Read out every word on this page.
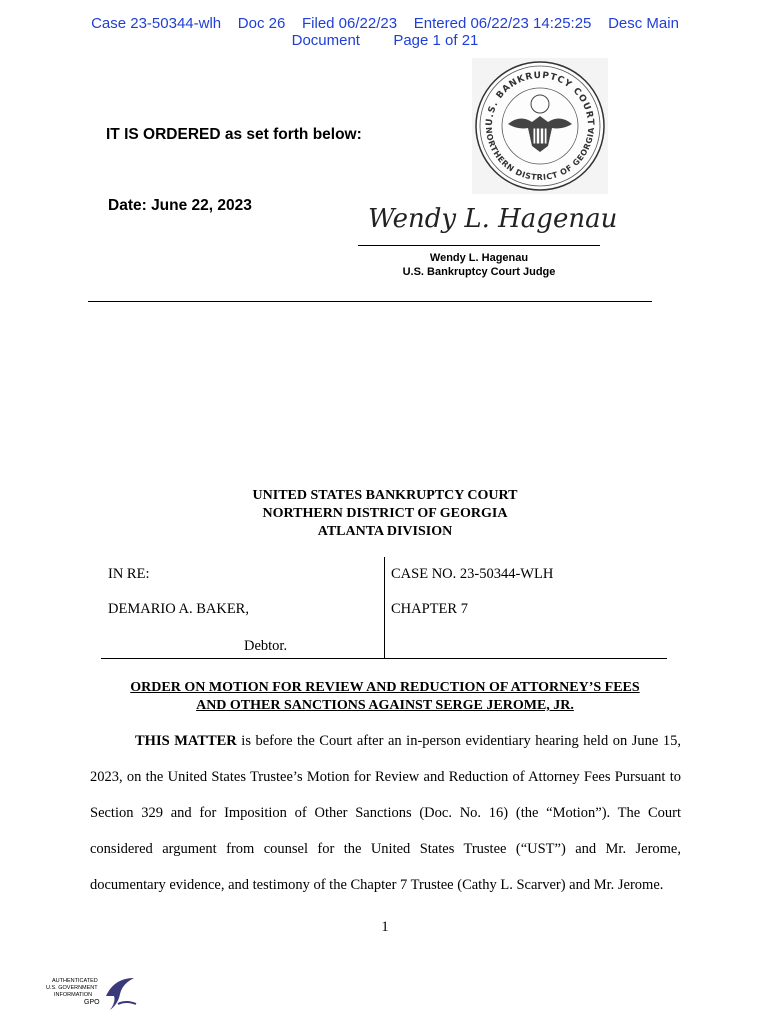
Case 23-50344-wlh    Doc 26    Filed 06/22/23    Entered 06/22/23 14:25:25    Desc Main
Document        Page 1 of 21
U.S. BANKRUPTCY COURT
NORTHERN DISTRICT OF GEORGIA
IT IS ORDERED as set forth below:
Date: June 22, 2023	Wendy L. Hagenau
Wendy L. Hagenau
U.S. Bankruptcy Court Judge
UNITED STATES BANKRUPTCY COURT
NORTHERN DISTRICT OF GEORGIA
ATLANTA DIVISION
IN RE:
DEMARIO A. BAKER,
Debtor.
CASE NO. 23-50344-WLH
CHAPTER 7
ORDER ON MOTION FOR REVIEW AND REDUCTION OF ATTORNEY’S FEES
AND OTHER SANCTIONS AGAINST SERGE JEROME, JR.
THIS MATTER is before the Court after an in-person evidentiary hearing held on June 15, 2023, on the United States Trustee’s Motion for Review and Reduction of Attorney Fees Pursuant to Section 329 and for Imposition of Other Sanctions (Doc. No. 16) (the “Motion”). The Court considered argument from counsel for the United States Trustee (“UST”) and Mr. Jerome, documentary evidence, and testimony of the Chapter 7 Trustee (Cathy L. Scarver) and Mr. Jerome.
1
AUTHENTICATED
U.S. GOVERNMENT
INFORMATION
GPO
